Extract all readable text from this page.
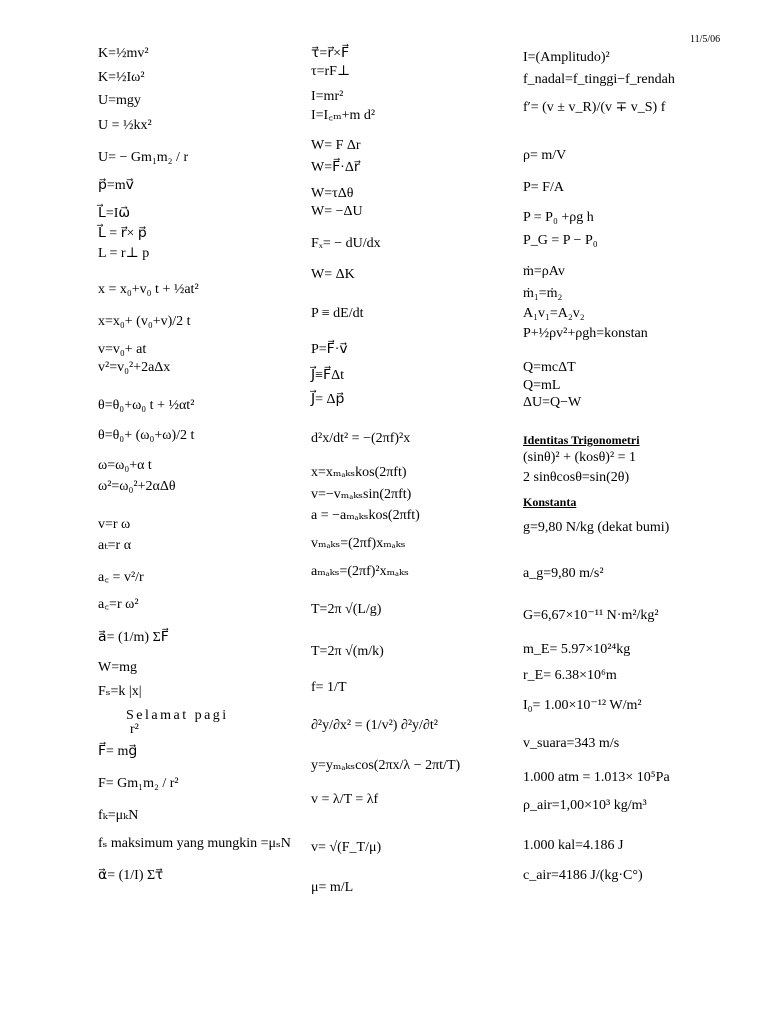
11/5/06
K=½mv²
K=½Iω²
U=mgy
U = ½kx²
U= − Gm₁m₂ / r
p⃗=mv⃗
L⃗=Iω⃗
L⃗ = r⃗× p⃗
L = r⊥ p
x = x₀+v₀ t + ½at²
x=x₀+ (v₀+v)/2 t
v=v₀+ at
v²=v₀²+2aΔx
θ=θ₀+ω₀ t + ½αt²
θ=θ₀+ (ω₀+ω)/2 t
ω=ω₀+α t
ω²=ω₀²+2αΔθ
v=r ω
aₜ=r α
a꜀ = v²/r
a꜀=r ω²
a⃗= (1/m) ΣF⃗
W=mg
Fₛ=k |x|
Selamat pagi
r²
F⃗= mg⃗
F= Gm₁m₂ / r²
fₖ=μₖN
fₛ maksimum yang mungkin =μₛN
α⃗= (1/I) Στ⃗
τ⃗=r⃗×F⃗
τ=rF⊥
I=mr²
I=I꜀ₘ+m d²
W= F Δr
W=F⃗·Δr⃗
W=τΔθ
W= −ΔU
Fₓ= − dU/dx
W= ΔK
P ≡ dE/dt
P=F⃗·v⃗
J⃗≡F⃗Δt
J⃗= Δp⃗
d²x/dt² = −(2πf)²x
x=xₘₐₖₛkos(2πft)
v=−vₘₐₖₛsin(2πft)
a = −aₘₐₖₛkos(2πft)
vₘₐₖₛ=(2πf)xₘₐₖₛ
aₘₐₖₛ=(2πf)²xₘₐₖₛ
T=2π √(L/g)
T=2π √(m/k)
f= 1/T
∂²y/∂x² = (1/v²) ∂²y/∂t²
y=yₘₐₖₛcos(2πx/λ − 2πt/T)
v = λ/T = λf
v= √(F_T/μ)
μ= m/L
I=(Amplitudo)²
f_nadal=f_tinggi−f_rendah
f′= (v ± v_R)/(v ∓ v_S) f
ρ= m/V
P= F/A
P = P₀ +ρg h
P_G = P − P₀
ṁ=ρAv
ṁ₁=ṁ₂
A₁v₁=A₂v₂
P+½ρv²+ρgh=konstan
Q=mcΔT
Q=mL
ΔU=Q−W
Identitas Trigonometri
(sinθ)² + (kosθ)² = 1
2 sinθcosθ=sin(2θ)
Konstanta
g=9,80 N/kg (dekat bumi)
a_g=9,80 m/s²
G=6,67×10⁻¹¹ N·m²/kg²
m_E= 5.97×10²⁴kg
r_E= 6.38×10⁶m
I₀= 1.00×10⁻¹² W/m²
v_suara=343 m/s
1.000 atm = 1.013× 10⁵Pa
ρ_air=1,00×10³ kg/m³
1.000 kal=4.186 J
c_air=4186 J/(kg·C°)
